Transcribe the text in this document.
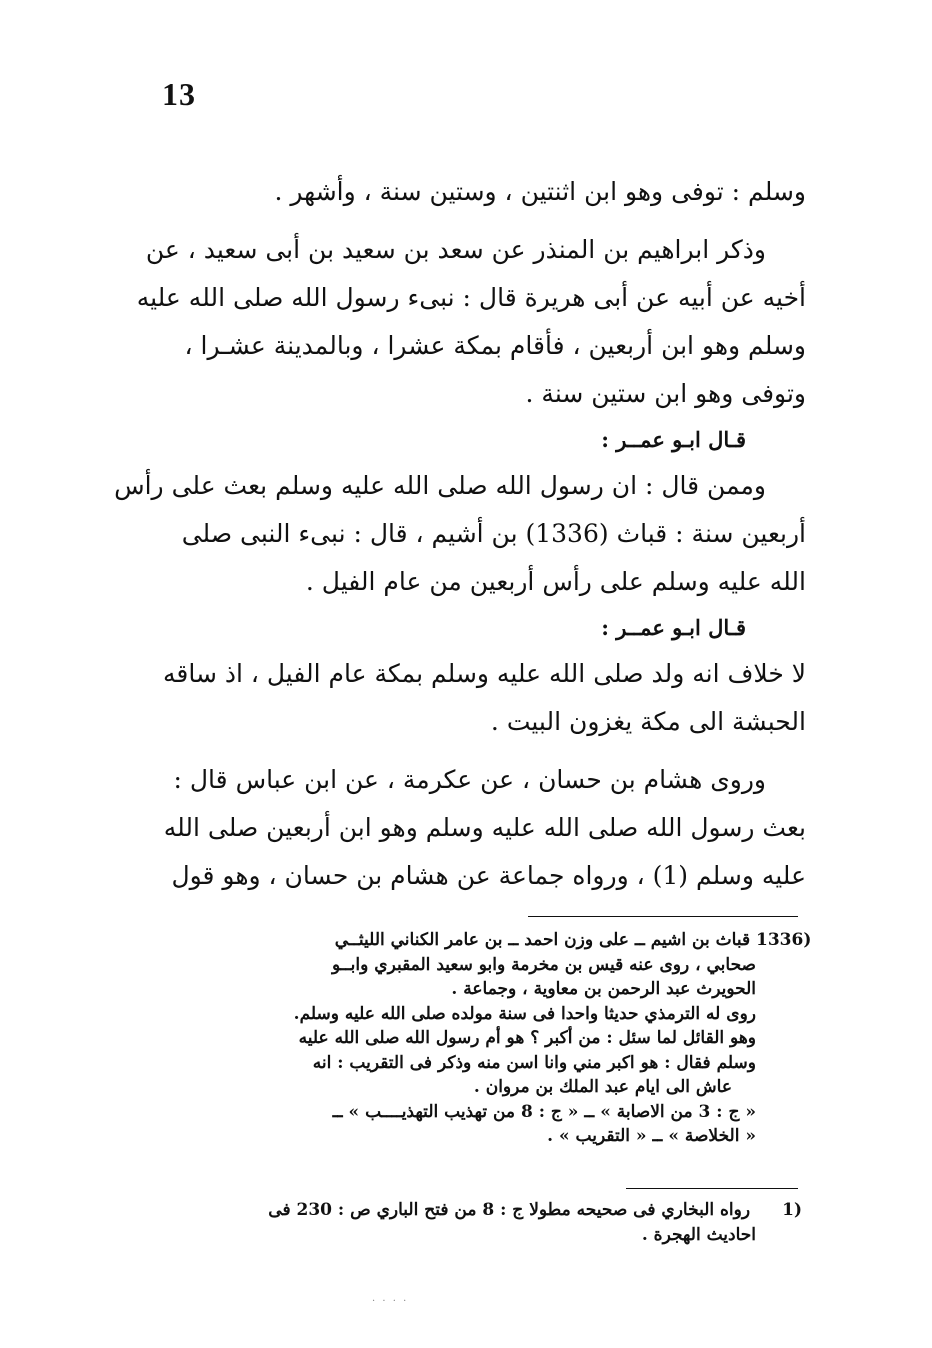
13
وسلم : توفى وهو ابن اثنتين ، وستين سنة ، وأشهر .
وذكر ابراهيم بن المنذر عن سعد بن سعيد بن أبى سعيد ، عن
أخيه عن أبيه عن أبى هريرة قال : نبىء رسول الله صلى الله عليه
وسلم وهو ابن أربعين ، فأقام بمكة عشرا ، وبالمدينة عشـرا ،
وتوفى وهو ابن ستين سنة .
قـال ابـو عمــر :
وممن قال : ان رسول الله صلى الله عليه وسلم بعث على رأس
أربعين سنة : قباث (1336) بن أشيم ، قال : نبىء النبى صلى
الله عليه وسلم على رأس أربعين من عام الفيل .
قـال ابـو عمــر :
لا خلاف انه ولد صلى الله عليه وسلم بمكة عام الفيل ، اذ ساقه
الحبشة الى مكة يغزون البيت .
وروى هشام بن حسان ، عن عكرمة ، عن ابن عباس قال :
بعث رسول الله صلى الله عليه وسلم وهو ابن أربعين صلى الله
عليه وسلم (1) ، ورواه جماعة عن هشام بن حسان ، وهو قول
1336) قباث بن اشيم ــ على وزن احمد ــ بن عامر الكناني الليثــي
صحابي ، روى عنه قيس بن مخرمة وابو سعيد المقبري وابــو
الحويرث عبد الرحمن بن معاوية ، وجماعة .
روى له الترمذي حديثا واحدا فى سنة مولده صلى الله عليه وسلم.
وهو القائل لما سئل : من أكبر ؟ هو أم رسول الله صلى الله عليه
وسلم فقال : هو اكبر مني وانا اسن منه وذكر فى التقريب : انه
عاش الى ايام عبد الملك بن مروان .
« ج : 3 من الاصابة » ــ « ج : 8 من تهذيب التهذيــــب » ــ
« الخلاصة » ــ « التقريب » .
1) رواه البخاري فى صحيحه مطولا ج : 8 من فتح الباري ص : 230 فى
احاديث الهجرة .
· · · ·
